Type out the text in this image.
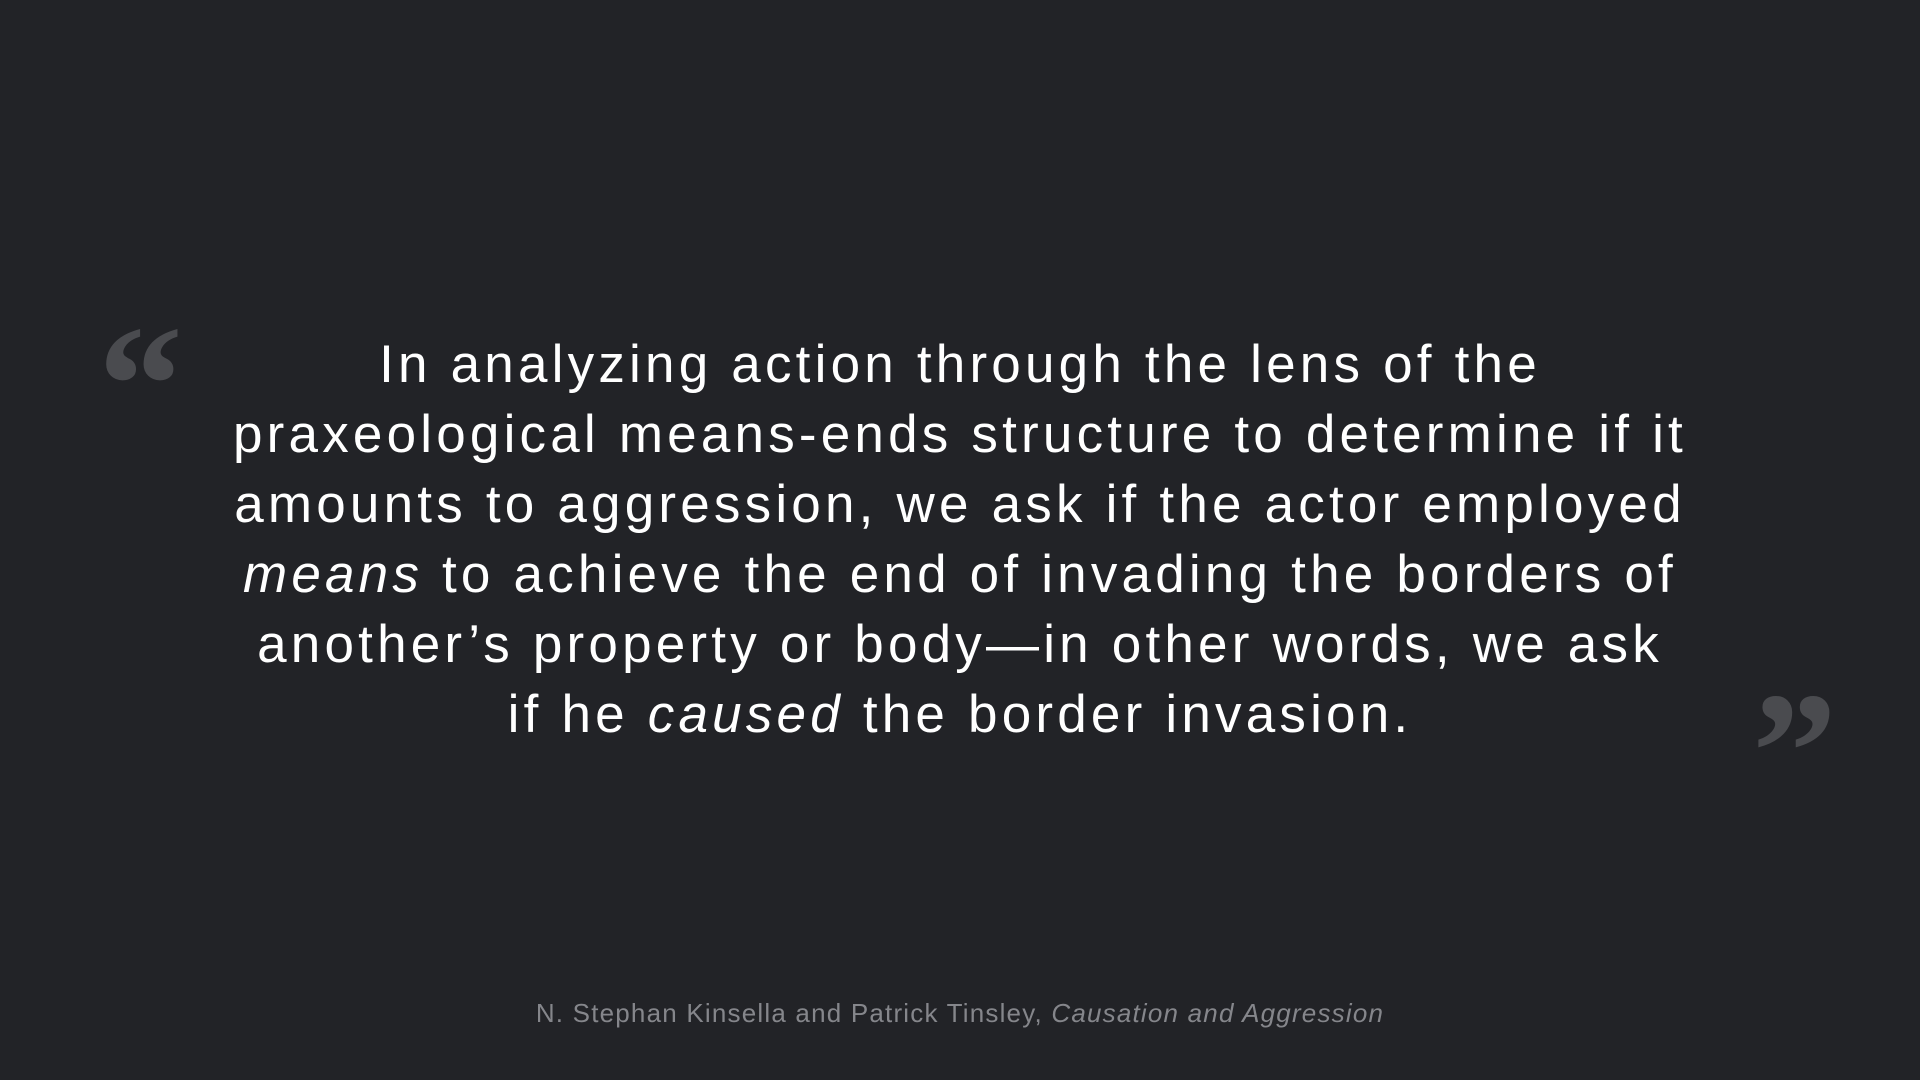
“	In analyzing action through the lens of the
praxeological means-ends structure to determine if it
amounts to aggression, we ask if the actor employed
means to achieve the end of invading the borders of
another’s property or body—in other words, we ask
if he caused the border invasion.	”

N. Stephan Kinsella and Patrick Tinsley, Causation and Aggression
